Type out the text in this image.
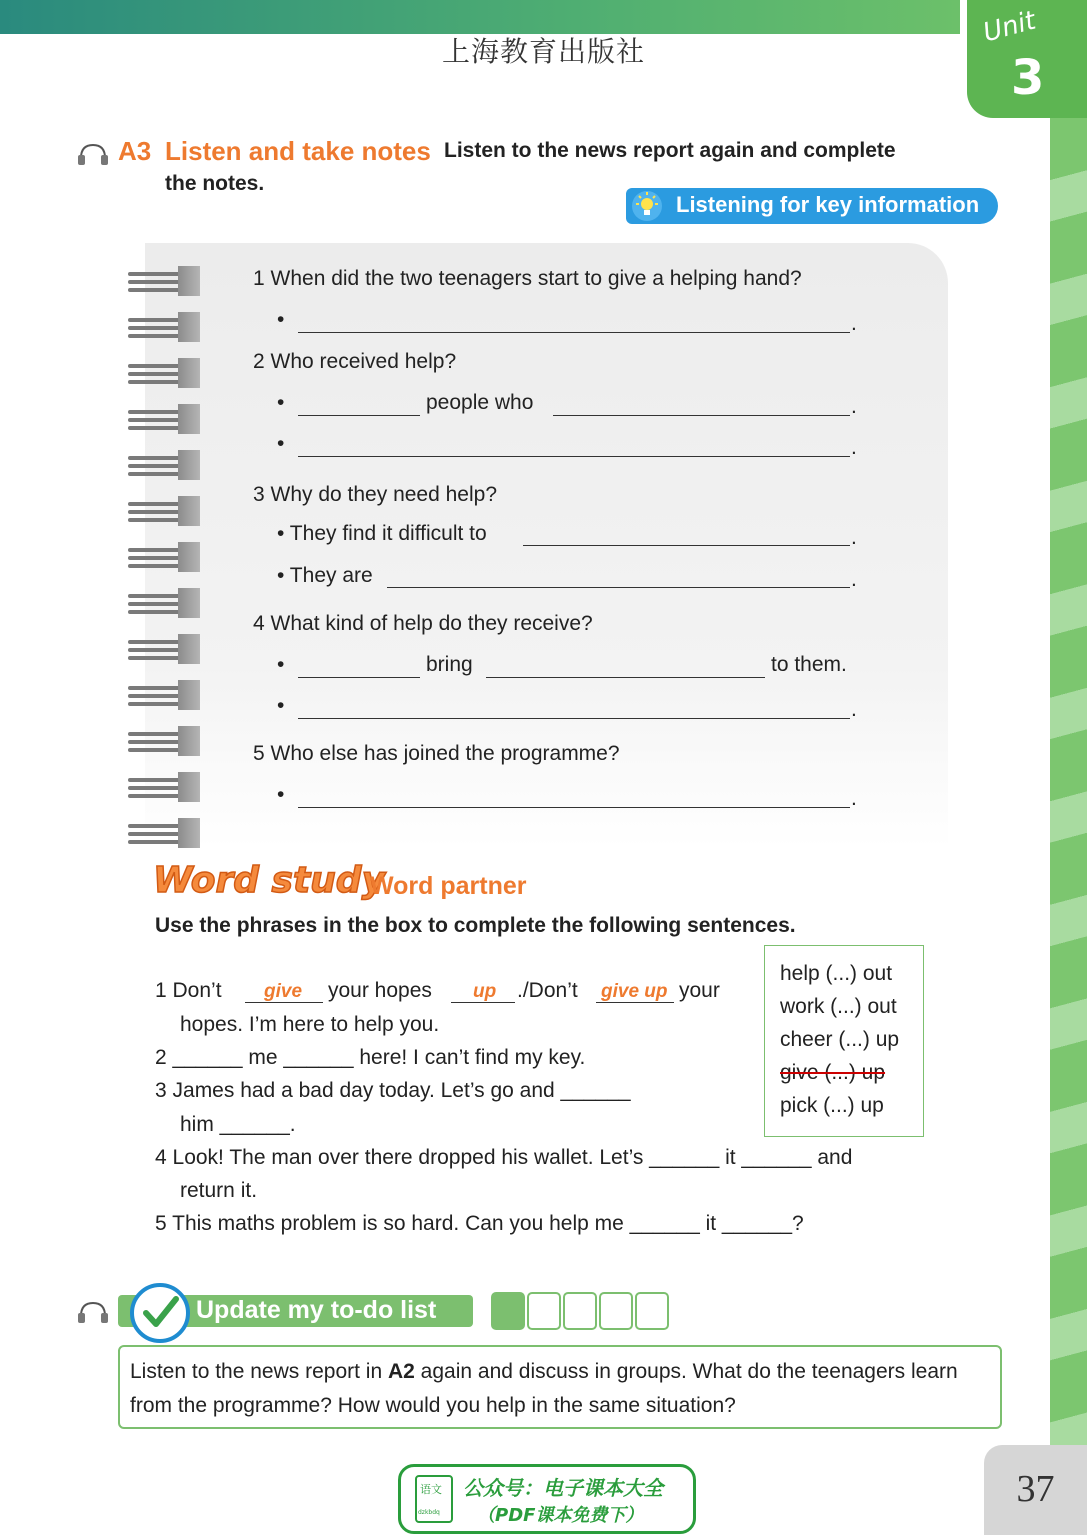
上海教育出版社
Unit
3
A3 Listen and take notes Listen to the news report again and complete
the notes.
Listening for key information
1 When did the two teenagers start to give a helping hand?
•	.
2 Who received help?
•	people who	.
•	.
3 Why do they need help?
• They find it difficult to	.
• They are	.
4 What kind of help do they receive?
•	bring	to them.
•	.
5 Who else has joined the programme?
•	.
Word study
Word partner
Use the phrases in the box to complete the following sentences.
help (...) out
work (...) out
cheer (...) up
give (...) up
pick (...) up
1 Don’t give your hopes up ./Don’t give up your
hopes. I’m here to help you.
2 ______ me ______ here! I can’t find my key.
3 James had a bad day today. Let’s go and ______
him ______.
4 Look! The man over there dropped his wallet. Let’s ______ it ______ and
return it.
5 This maths problem is so hard. Can you help me ______ it ______?
Update my to-do list
Listen to the news report in A2 again and discuss in groups. What do the teenagers learn from the programme? How would you help in the same situation?
语文
dzkbdq
公众号：电子课本大全
（PDF课本免费下）
37
